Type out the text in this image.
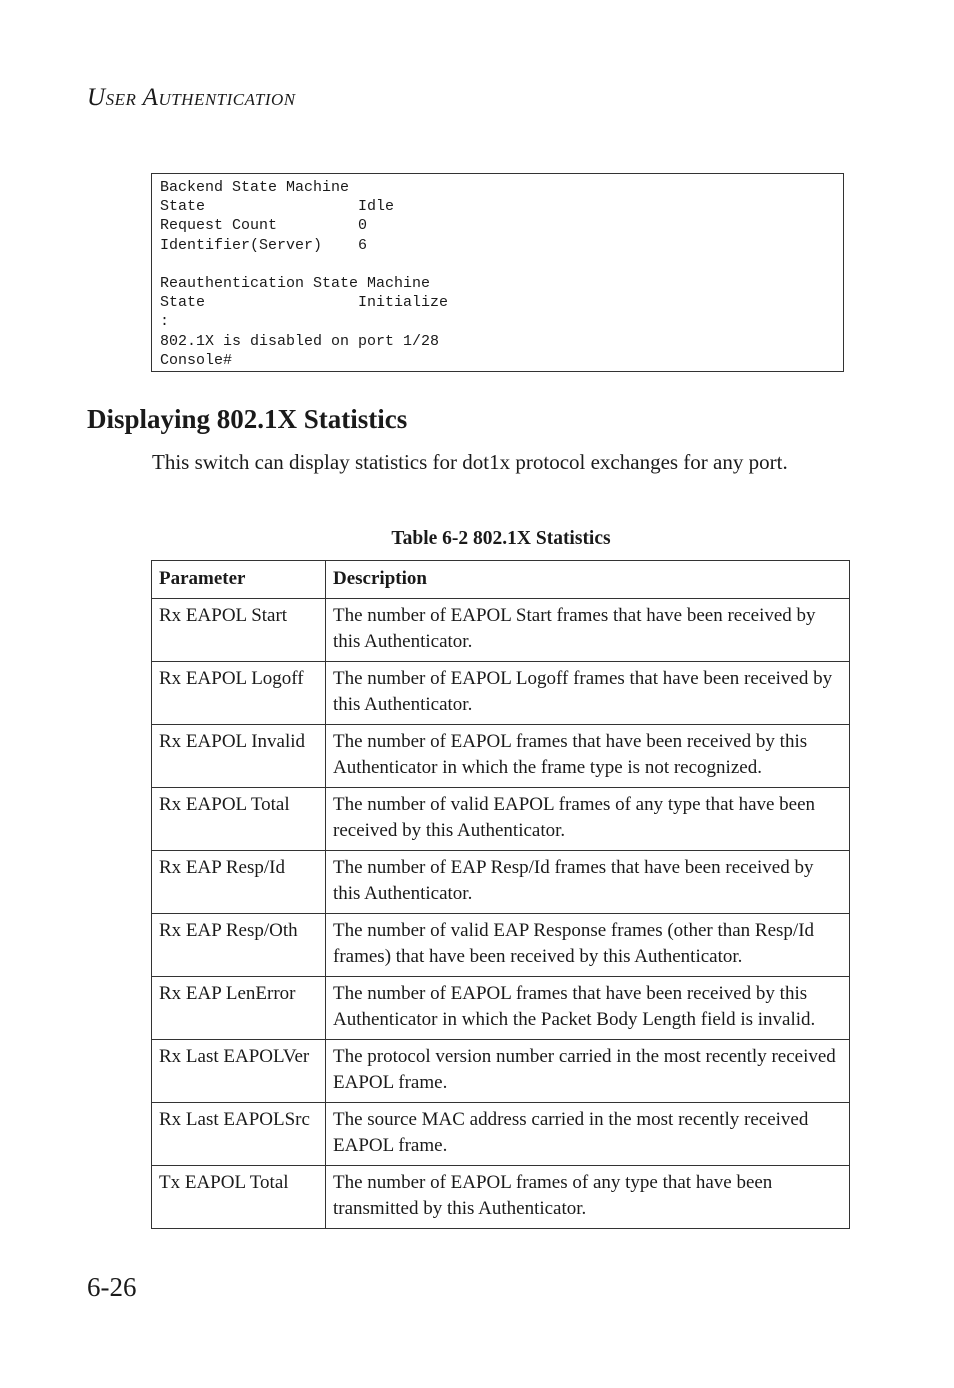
USER AUTHENTICATION
Backend State Machine
State                 Idle
Request Count         0
Identifier(Server)    6

Reauthentication State Machine
State                 Initialize
:
802.1X is disabled on port 1/28
Console#
Displaying 802.1X Statistics

This switch can display statistics for dot1x protocol exchanges for any port.

Table 6-2 802.1X Statistics

Parameter	Description
Rx EAPOL Start	The number of EAPOL Start frames that have been received by this Authenticator.
Rx EAPOL Logoff	The number of EAPOL Logoff frames that have been received by this Authenticator.
Rx EAPOL Invalid	The number of EAPOL frames that have been received by this Authenticator in which the frame type is not recognized.
Rx EAPOL Total	The number of valid EAPOL frames of any type that have been received by this Authenticator.
Rx EAP Resp/Id	The number of EAP Resp/Id frames that have been received by this Authenticator.
Rx EAP Resp/Oth	The number of valid EAP Response frames (other than Resp/Id frames) that have been received by this Authenticator.
Rx EAP LenError	The number of EAPOL frames that have been received by this Authenticator in which the Packet Body Length field is invalid.
Rx Last EAPOLVer	The protocol version number carried in the most recently received EAPOL frame.
Rx Last EAPOLSrc	The source MAC address carried in the most recently received EAPOL frame.
Tx EAPOL Total	The number of EAPOL frames of any type that have been transmitted by this Authenticator.
6-26
